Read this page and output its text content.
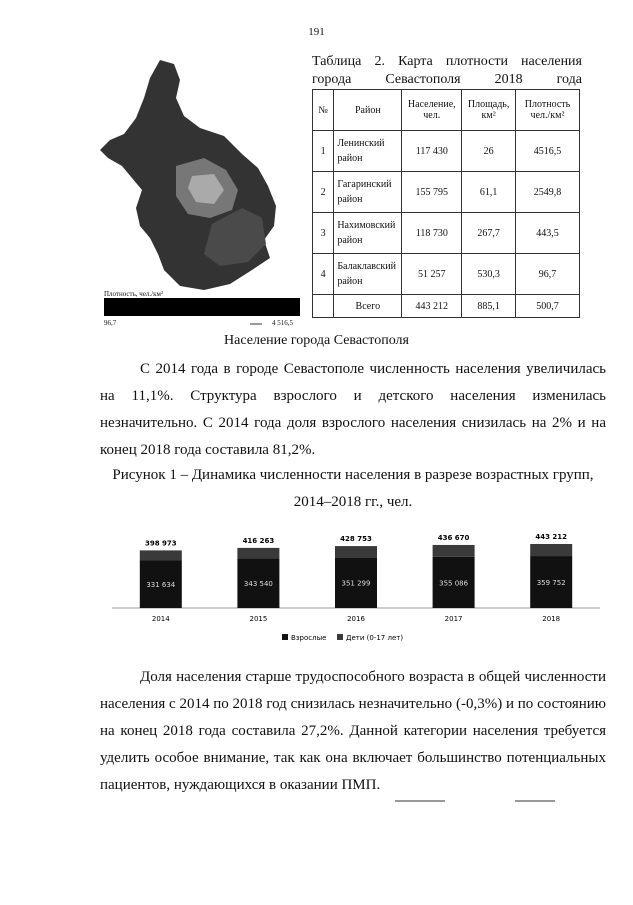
191
Плотность, чел./км²
96,7	4 516,5
Таблица 2. Карта плотности населения города Севастополя 2018 года
№	Район	Население, чел.	Площадь, км²	Плотность чел./км²
1	Ленинский район	117 430	26	4516,5
2	Гагаринский район	155 795	61,1	2549,8
3	Нахимовский район	118 730	267,7	443,5
4	Балаклавский район	51 257	530,3	96,7
	Всего	443 212	885,1	500,7
Население города Севастополя
С 2014 года в городе Севастополе численность населения увеличилась на 11,1%. Структура взрослого и детского населения изменилась незначительно. С 2014 года доля взрослого населения снизилась на 2% и на конец 2018 года составила 81,2%.
Рисунок 1 – Динамика численности населения в разрезе возрастных групп, 2014–2018 гг., чел.
331 634
398 973
2014
343 540
416 263
2015
351 299
428 753
2016
355 086
436 670
2017
359 752
443 212
2018
Взрослые	Дети (0-17 лет)
Доля населения старше трудоспособного возраста в общей численности населения с 2014 по 2018 год снизилась незначительно (-0,3%) и по состоянию на конец 2018 года составила 27,2%. Данной категории населения требуется уделить особое внимание, так как она включает большинство потенциальных пациентов, нуждающихся в оказании ПМП.
